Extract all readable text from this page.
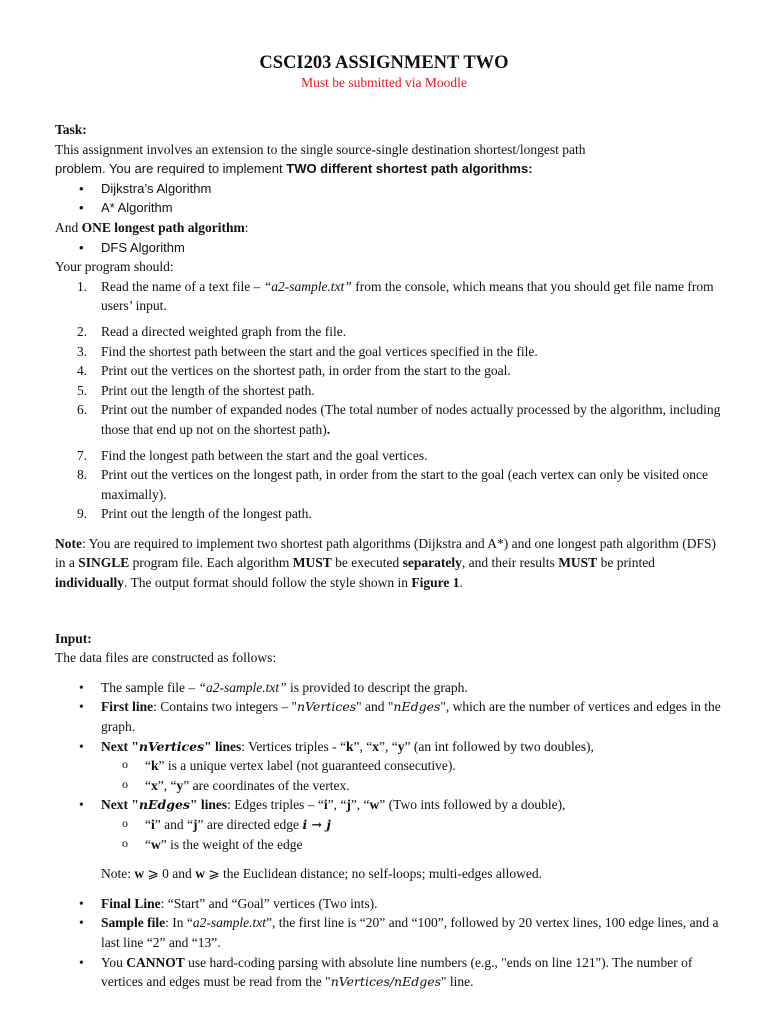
CSCI203 ASSIGNMENT TWO
Must be submitted via Moodle

Task:

This assignment involves an extension to the single source-single destination shortest/longest path

problem. You are required to implement TWO different shortest path algorithms:

• Dijkstra’s Algorithm
• A* Algorithm

And ONE longest path algorithm:

• DFS Algorithm

Your program should:

1. Read the name of a text file – “a2-sample.txt” from the console, which means that you should get file name from users’ input.
2. Read a directed weighted graph from the file.
3. Find the shortest path between the start and the goal vertices specified in the file.
4. Print out the vertices on the shortest path, in order from the start to the goal.
5. Print out the length of the shortest path.
6. Print out the number of expanded nodes (The total number of nodes actually processed by the algorithm, including those that end up not on the shortest path).
7. Find the longest path between the start and the goal vertices.
8. Print out the vertices on the longest path, in order from the start to the goal (each vertex can only be visited once maximally).
9. Print out the length of the longest path.

Note: You are required to implement two shortest path algorithms (Dijkstra and A*) and one longest path algorithm (DFS) in a SINGLE program file. Each algorithm MUST be executed separately, and their results MUST be printed individually. The output format should follow the style shown in Figure 1.

Input:

The data files are constructed as follows:

• The sample file – “a2-sample.txt” is provided to descript the graph.
• First line: Contains two integers – "nVertices" and "nEdges", which are the number of vertices and edges in the graph.
• Next "nVertices" lines: Vertices triples - “k”, “x”, “y” (an int followed by two doubles),
o “k” is a unique vertex label (not guaranteed consecutive).
o “x”, “y” are coordinates of the vertex.
• Next "nEdges" lines: Edges triples – “i”, “j”, “w” (Two ints followed by a double),
o “i” and “j” are directed edge i → j
o “w” is the weight of the edge

Note: w ⩾ 0 and w ⩾ the Euclidean distance; no self-loops; multi-edges allowed.

• Final Line: “Start” and “Goal” vertices (Two ints).
• Sample file: In “a2-sample.txt”, the first line is “20” and “100”, followed by 20 vertex lines, 100 edge lines, and a last line “2” and “13”.
• You CANNOT use hard-coding parsing with absolute line numbers (e.g., "ends on line 121"). The number of vertices and edges must be read from the "nVertices/nEdges" line.
